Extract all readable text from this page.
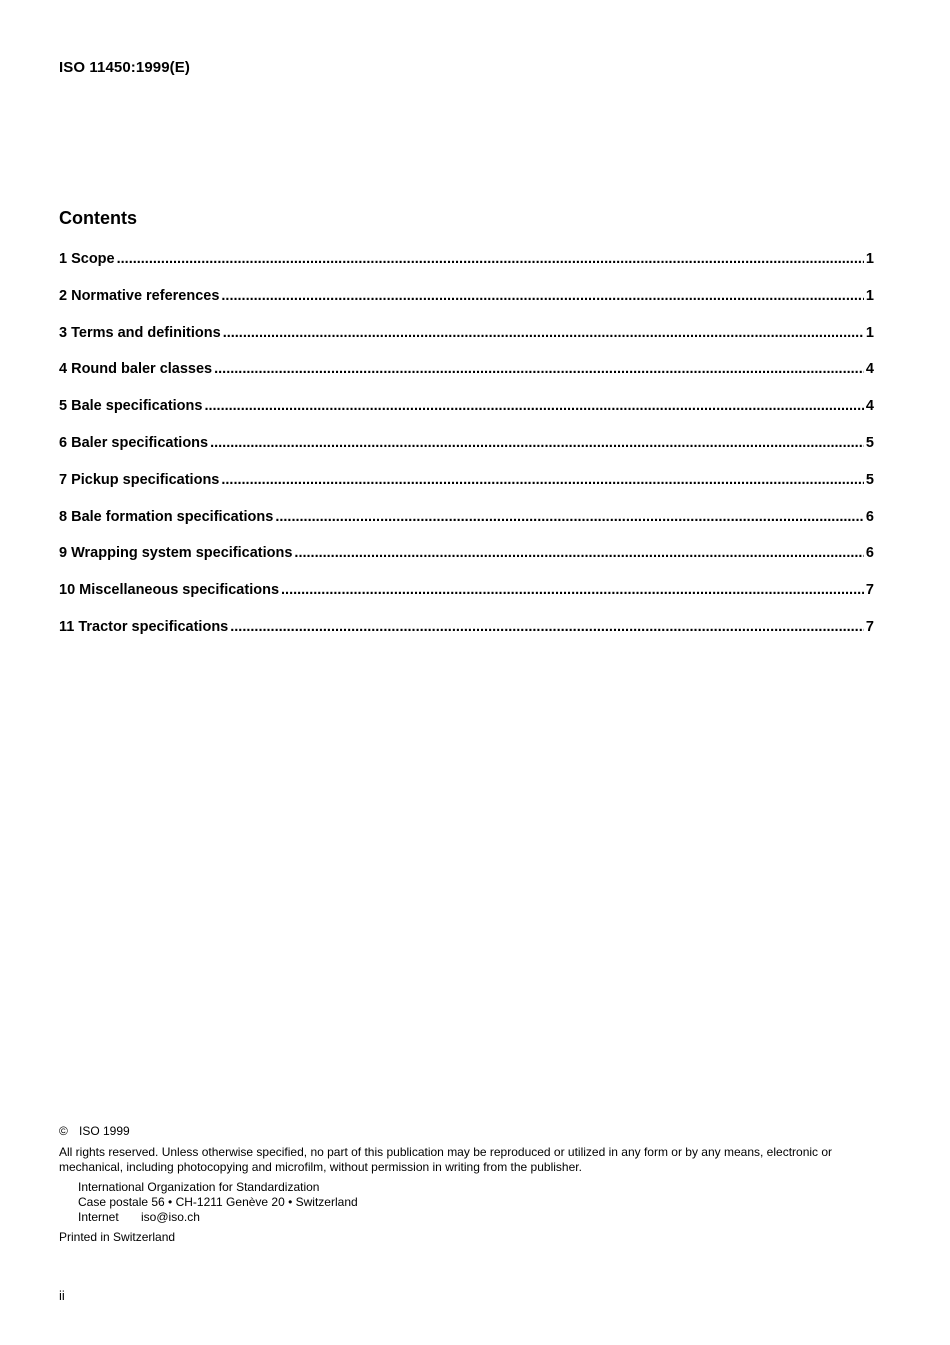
ISO 11450:1999(E)
Contents
1 Scope .....	1
2 Normative references .....	1
3 Terms and definitions .....	1
4 Round baler classes .....	4
5 Bale specifications .....	4
6 Baler specifications .....	5
7 Pickup specifications .....	5
8 Bale formation specifications .....	6
9 Wrapping system specifications .....	6
10 Miscellaneous specifications .....	7
11 Tractor specifications .....	7

© ISO 1999

All rights reserved. Unless otherwise specified, no part of this publication may be reproduced or utilized in any form or by any means, electronic or mechanical, including photocopying and microfilm, without permission in writing from the publisher.

International Organization for Standardization
Case postale 56 • CH-1211 Genève 20 • Switzerland
Internet iso@iso.ch

Printed in Switzerland

ii
